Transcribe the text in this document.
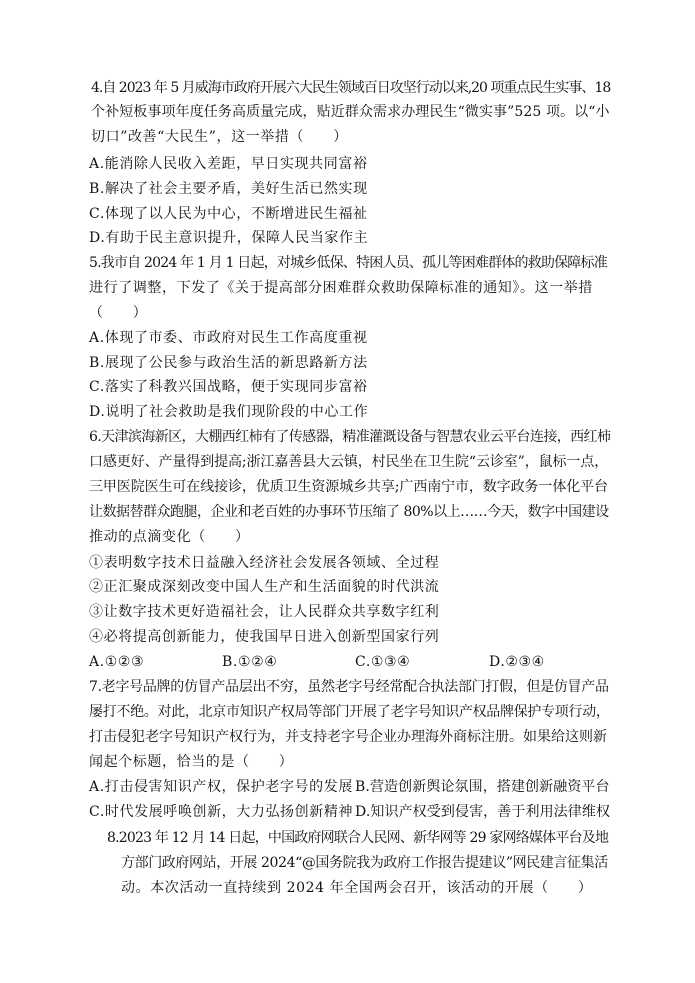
4.自 2023 年 5 月威海市政府开展六大民生领域百日攻坚行动以来,20 项重点民生实事、18
个补短板事项年度任务高质量完成，贴近群众需求办理民生“微实事”525 项。以“小
切口”改善“大民生”，这一举措（　　）
A.能消除人民收入差距，早日实现共同富裕
B.解决了社会主要矛盾，美好生活已然实现
C.体现了以人民为中心，不断增进民生福祉
D.有助于民主意识提升，保障人民当家作主
5.我市自 2024 年 1 月 1 日起，对城乡低保、特困人员、孤儿等困难群体的救助保障标准
进行了调整，下发了《关于提高部分困难群众救助保障标准的通知》。这一举措
（　　）
A.体现了市委、市政府对民生工作高度重视
B.展现了公民参与政治生活的新思路新方法
C.落实了科教兴国战略，便于实现同步富裕
D.说明了社会救助是我们现阶段的中心工作
6.天津滨海新区，大棚西红柿有了传感器，精准灌溉设备与智慧农业云平台连接，西红柿
口感更好、产量得到提高;浙江嘉善县大云镇，村民坐在卫生院“云诊室”，鼠标一点，
三甲医院医生可在线接诊，优质卫生资源城乡共享;广西南宁市，数字政务一体化平台
让数据替群众跑腿，企业和老百姓的办事环节压缩了 80%以上……今天，数字中国建设
推动的点滴变化（　　）
①表明数字技术日益融入经济社会发展各领域、全过程
②正汇聚成深刻改变中国人生产和生活面貌的时代洪流
③让数字技术更好造福社会，让人民群众共享数字红利
④必将提高创新能力，使我国早日进入创新型国家行列
A.①②③	B.①②④	C.①③④	D.②③④
7.老字号品牌的仿冒产品层出不穷，虽然老字号经常配合执法部门打假，但是仿冒产品
屡打不绝。对此，北京市知识产权局等部门开展了老字号知识产权品牌保护专项行动，
打击侵犯老字号知识产权行为，并支持老字号企业办理海外商标注册。如果给这则新
闻起个标题，恰当的是（　　）
A.打击侵害知识产权，保护老字号的发展 B.营造创新舆论氛围，搭建创新融资平台
C.时代发展呼唤创新，大力弘扬创新精神 D.知识产权受到侵害，善于利用法律维权
8.2023 年 12 月 14 日起，中国政府网联合人民网、新华网等 29 家网络媒体平台及地
方部门政府网站，开展 2024“@国务院我为政府工作报告提建议”网民建言征集活
动。本次活动一直持续到 2024 年全国两会召开，该活动的开展（　　）
